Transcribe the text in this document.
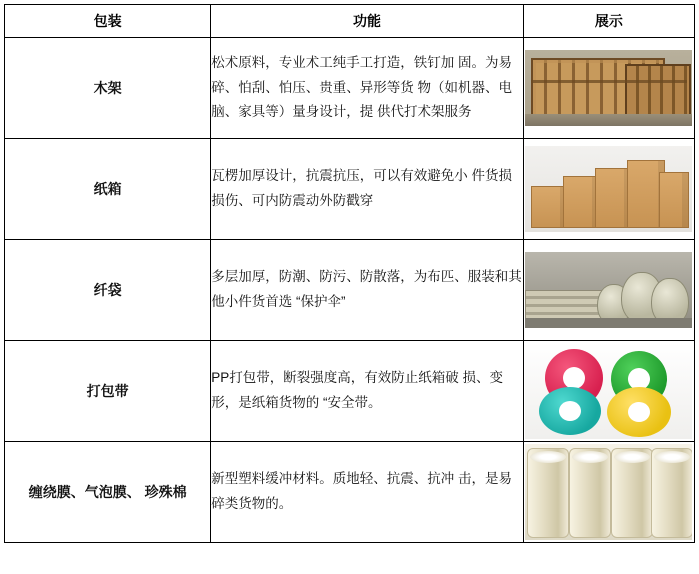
包装	功能	展示
木架	松术原料，专业术工纯手工打造，铁钉加 固。为易碎、怕刮、怕压、贵重、异形等货 物（如机器、电脑、家具等）量身设计，提 供代打术架服务	

纸箱	瓦楞加厚设计，抗震抗压，可以有效避免小 件货损损伤、可内防震动外防戳穿	

纤袋	多层加厚，防潮、防污、防散落，为布匹、服装和其他小件货首选 “保护伞”	

打包带	PP打包带，断裂强度高，有效防止纸箱破 损、变形，是纸箱货物的 “安全带。	

缠绕膜、气泡膜、 珍殊棉	新型塑料缓冲材料。质地轻、抗震、抗冲 击，是易碎类货物的。	
